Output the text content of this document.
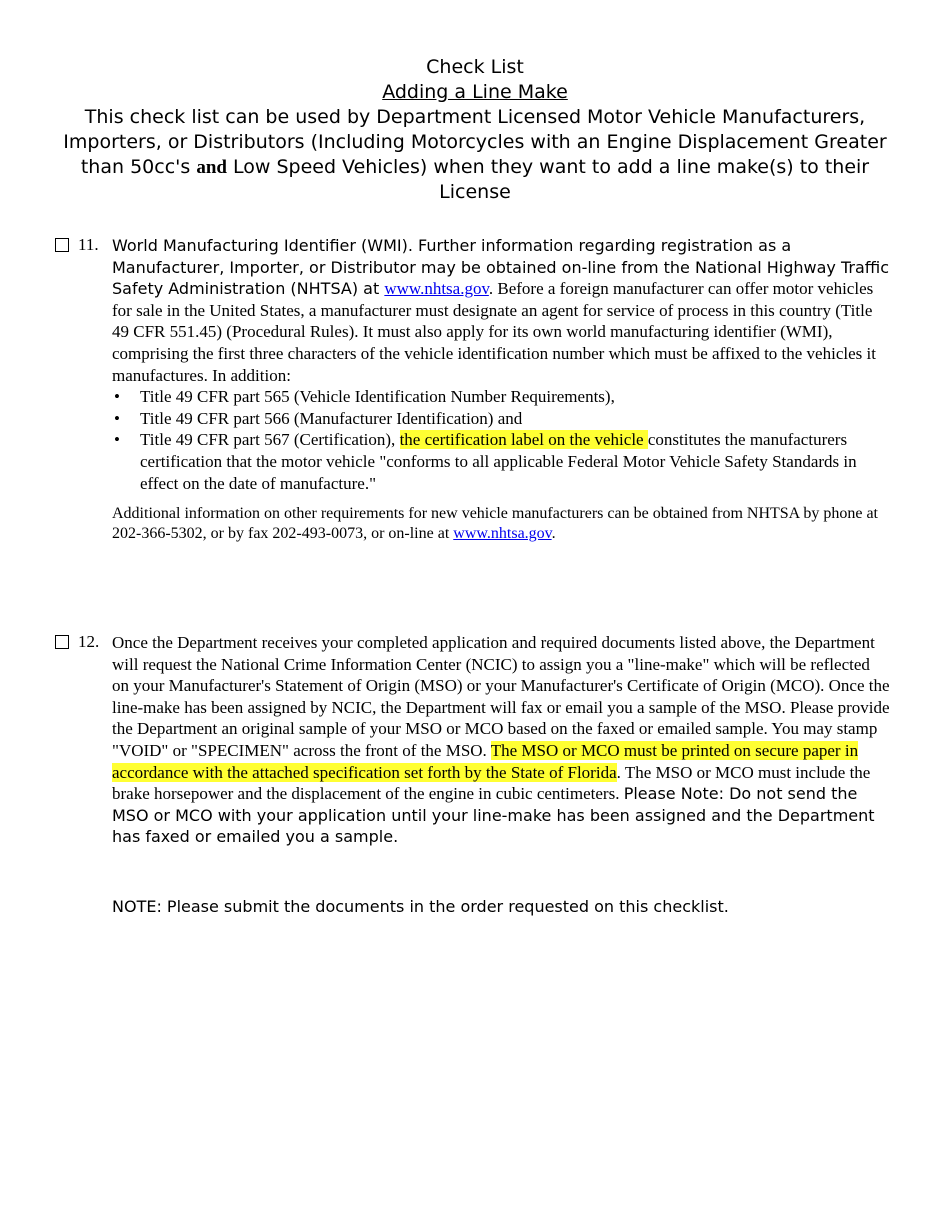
Check List
Adding a Line Make
This check list can be used by Department Licensed Motor Vehicle Manufacturers, Importers, or Distributors (Including Motorcycles with an Engine Displacement Greater than 50cc's and Low Speed Vehicles) when they want to add a line make(s) to their License
11. World Manufacturing Identifier (WMI). Further information regarding registration as a Manufacturer, Importer, or Distributor may be obtained on-line from the National Highway Traffic Safety Administration (NHTSA) at www.nhtsa.gov. Before a foreign manufacturer can offer motor vehicles for sale in the United States, a manufacturer must designate an agent for service of process in this country (Title 49 CFR 551.45) (Procedural Rules). It must also apply for its own world manufacturing identifier (WMI), comprising the first three characters of the vehicle identification number which must be affixed to the vehicles it manufactures. In addition:
• Title 49 CFR part 565 (Vehicle Identification Number Requirements),
• Title 49 CFR part 566 (Manufacturer Identification) and
• Title 49 CFR part 567 (Certification), the certification label on the vehicle constitutes the manufacturers certification that the motor vehicle "conforms to all applicable Federal Motor Vehicle Safety Standards in effect on the date of manufacture."
Additional information on other requirements for new vehicle manufacturers can be obtained from NHTSA by phone at 202-366-5302, or by fax 202-493-0073, or on-line at www.nhtsa.gov.
12. Once the Department receives your completed application and required documents listed above, the Department will request the National Crime Information Center (NCIC) to assign you a "line-make" which will be reflected on your Manufacturer's Statement of Origin (MSO) or your Manufacturer's Certificate of Origin (MCO). Once the line-make has been assigned by NCIC, the Department will fax or email you a sample of the MSO. Please provide the Department an original sample of your MSO or MCO based on the faxed or emailed sample. You may stamp "VOID" or "SPECIMEN" across the front of the MSO. The MSO or MCO must be printed on secure paper in accordance with the attached specification set forth by the State of Florida. The MSO or MCO must include the brake horsepower and the displacement of the engine in cubic centimeters. Please Note: Do not send the MSO or MCO with your application until your line-make has been assigned and the Department has faxed or emailed you a sample.
NOTE: Please submit the documents in the order requested on this checklist.
